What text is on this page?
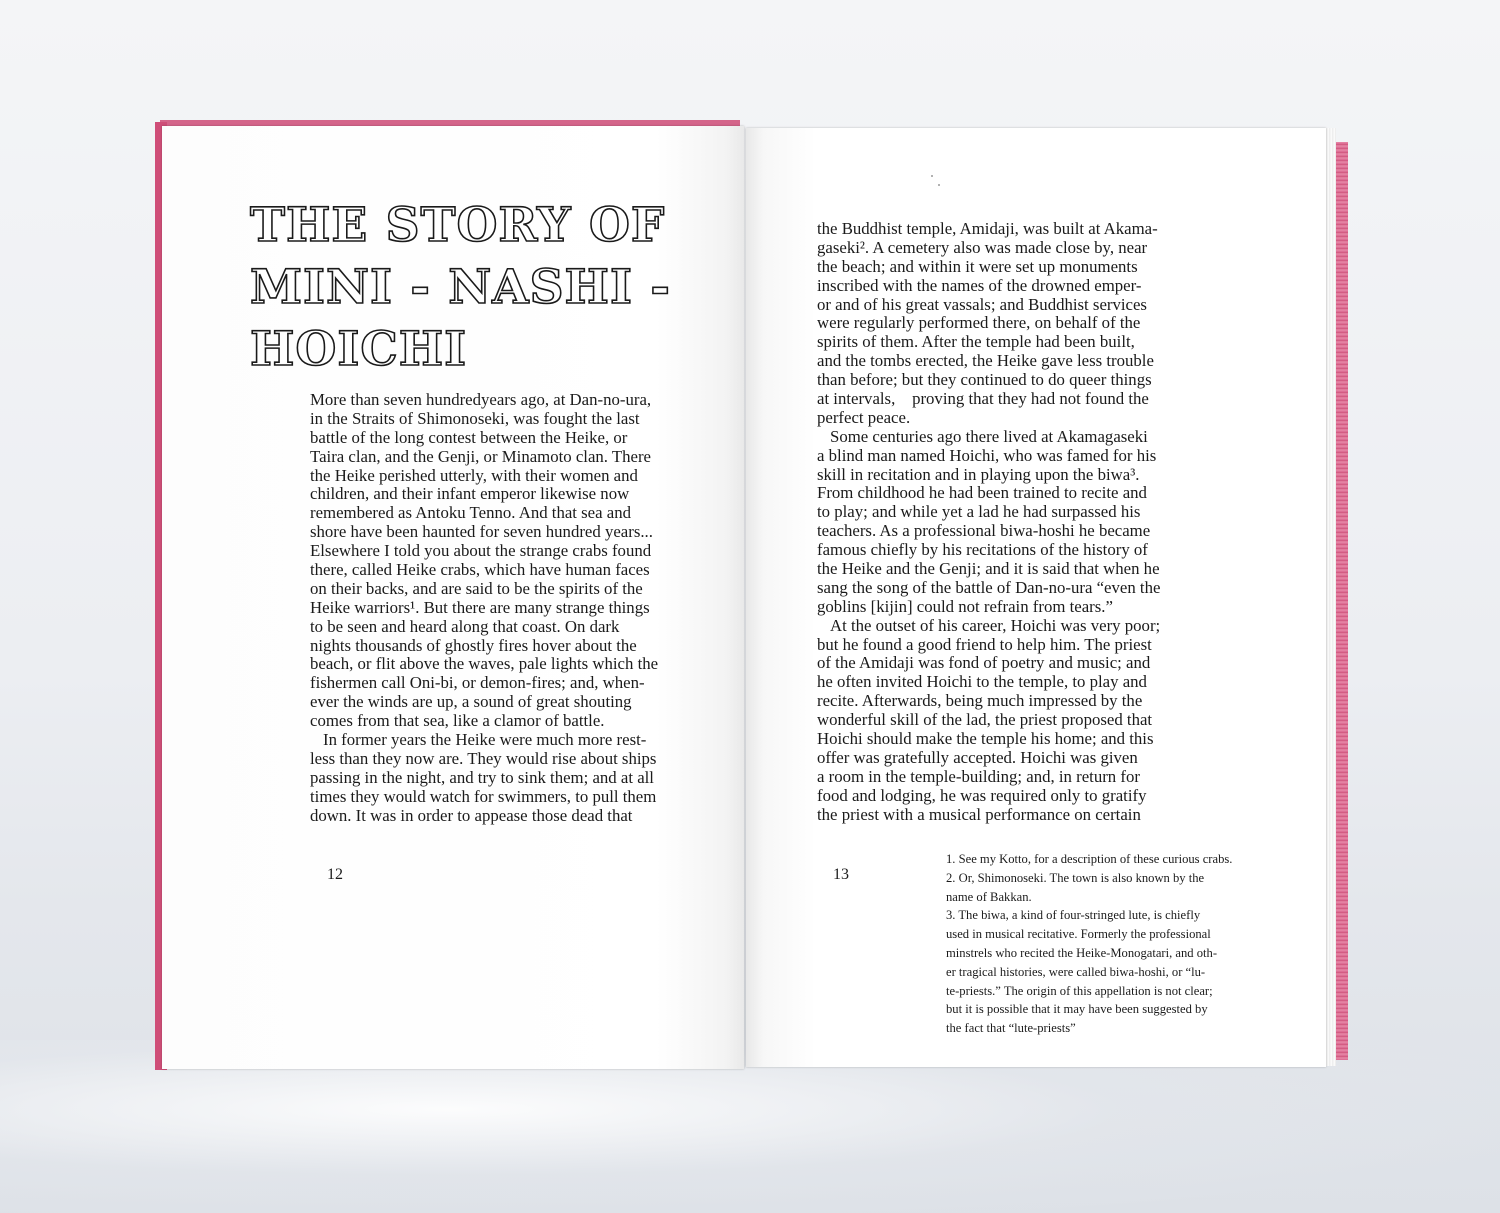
THE STORY OF
MINI - NASHI -
HOICHI
More than seven hundredyears ago, at Dan-no-ura,
in the Straits of Shimonoseki, was fought the last
battle of the long contest between the Heike, or
Taira clan, and the Genji, or Minamoto clan. There
the Heike perished utterly, with their women and
children, and their infant emperor likewise now
remembered as Antoku Tenno. And that sea and
shore have been haunted for seven hundred years...
Elsewhere I told you about the strange crabs found
there, called Heike crabs, which have human faces
on their backs, and are said to be the spirits of the
Heike warriors¹. But there are many strange things
to be seen and heard along that coast. On dark
nights thousands of ghostly fires hover about the
beach, or flit above the waves, pale lights which the
fishermen call Oni-bi, or demon-fires; and, when-
ever the winds are up, a sound of great shouting
comes from that sea, like a clamor of battle.
In former years the Heike were much more rest-
less than they now are. They would rise about ships
passing in the night, and try to sink them; and at all
times they would watch for swimmers, to pull them
down. It was in order to appease those dead that
the Buddhist temple, Amidaji, was built at Akama-
gaseki². A cemetery also was made close by, near
the beach; and within it were set up monuments
inscribed with the names of the drowned emper-
or and of his great vassals; and Buddhist services
were regularly performed there, on behalf of the
spirits of them. After the temple had been built,
and the tombs erected, the Heike gave less trouble
than before; but they continued to do queer things
at intervals,    proving that they had not found the
perfect peace.
Some centuries ago there lived at Akamagaseki
a blind man named Hoichi, who was famed for his
skill in recitation and in playing upon the biwa³.
From childhood he had been trained to recite and
to play; and while yet a lad he had surpassed his
teachers. As a professional biwa-hoshi he became
famous chiefly by his recitations of the history of
the Heike and the Genji; and it is said that when he
sang the song of the battle of Dan-no-ura “even the
goblins [kijin] could not refrain from tears.”
At the outset of his career, Hoichi was very poor;
but he found a good friend to help him. The priest
of the Amidaji was fond of poetry and music; and
he often invited Hoichi to the temple, to play and
recite. Afterwards, being much impressed by the
wonderful skill of the lad, the priest proposed that
Hoichi should make the temple his home; and this
offer was gratefully accepted. Hoichi was given
a room in the temple-building; and, in return for
food and lodging, he was required only to gratify
the priest with a musical performance on certain
12	13
1. See my Kotto, for a description of these curious crabs.
2. Or, Shimonoseki. The town is also known by the
name of Bakkan.
3. The biwa, a kind of four-stringed lute, is chiefly
used in musical recitative. Formerly the professional
minstrels who recited the Heike-Monogatari, and oth-
er tragical histories, were called biwa-hoshi, or “lu-
te-priests.” The origin of this appellation is not clear;
but it is possible that it may have been suggested by
the fact that “lute-priests”
